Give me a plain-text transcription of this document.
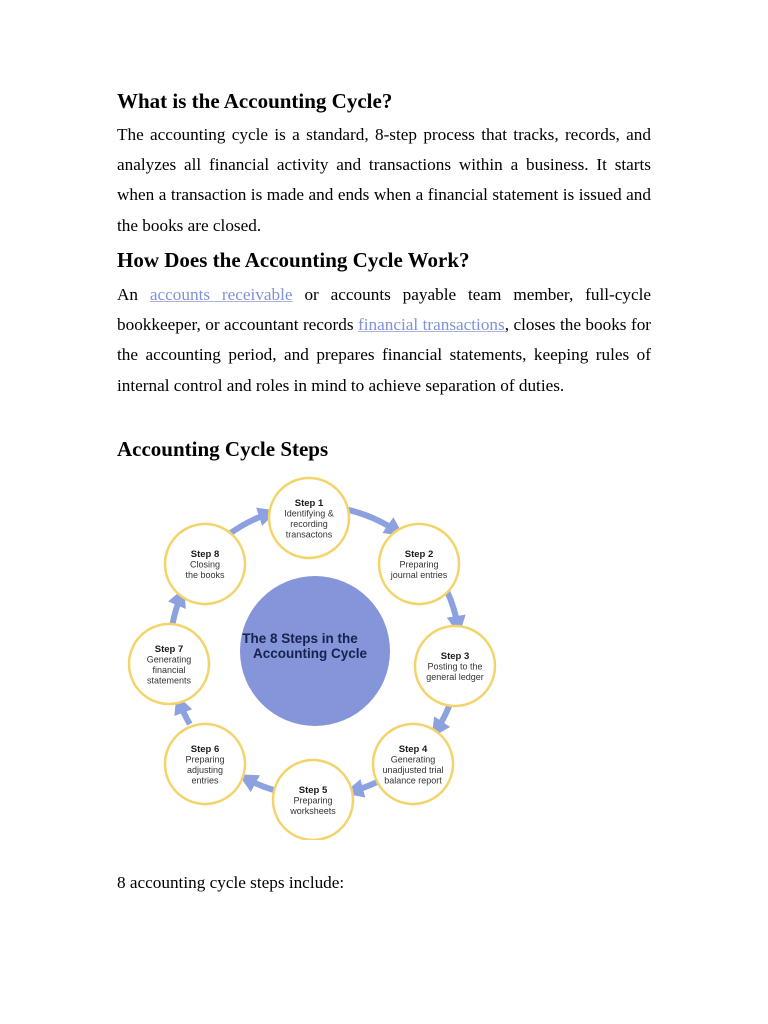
What is the Accounting Cycle?

The accounting cycle is a standard, 8-step process that tracks, records, and analyzes all financial activity and transactions within a business. It starts when a transaction is made and ends when a financial statement is issued and the books are closed.

How Does the Accounting Cycle Work?

An accounts receivable or accounts payable team member, full-cycle bookkeeper, or accountant records financial transactions, closes the books for the accounting period, and prepares financial statements, keeping rules of internal control and roles in mind to achieve separation of duties.

Accounting Cycle Steps
The 8 Steps in the
Accounting Cycle
Step 1
Identifying &
recording
transactons
Step 2
Preparing
journal entries
Step 3
Posting to the
general ledger
Step 4
Generating
unadjusted trial
balance report
Step 5
Preparing
worksheets
Step 6
Preparing
adjusting
entries
Step 7
Generating
financial
statements
Step 8
Closing
the books

8 accounting cycle steps include:
